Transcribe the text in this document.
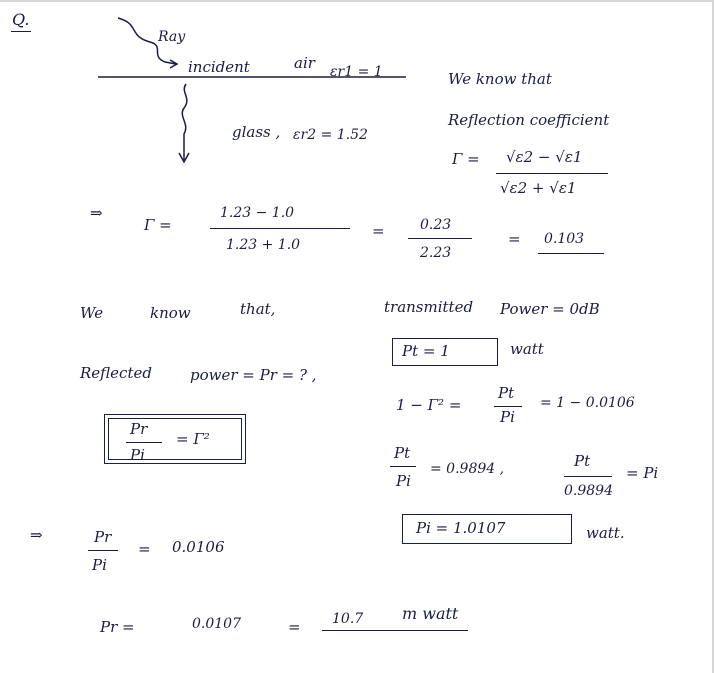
Q.
Ray
incident	air εr1 = 1
glass , εr2 = 1.52
We know that
Reflection coefficient
Γ = √ε2 − √ε1
√ε2 + √ε1
⇒
Γ =
1.23 − 1.0
1.23 + 1.0
=	0.23
2.23
= 0.103
We	know	that,
Reflected	power = Pr = ? ,
Pr
Pi
= Γ²
transmitted Power = 0dB
Pt = 1	watt
1 − Γ² =
Pt
Pi
= 1 − 0.0106
Pt
Pi
= 0.9894 ,	Pt
0.9894
= Pi
Pi = 1.0107	watt.
⇒	Pr
Pi
= 0.0106
Pr =	0.0107	= 10.7 m watt
